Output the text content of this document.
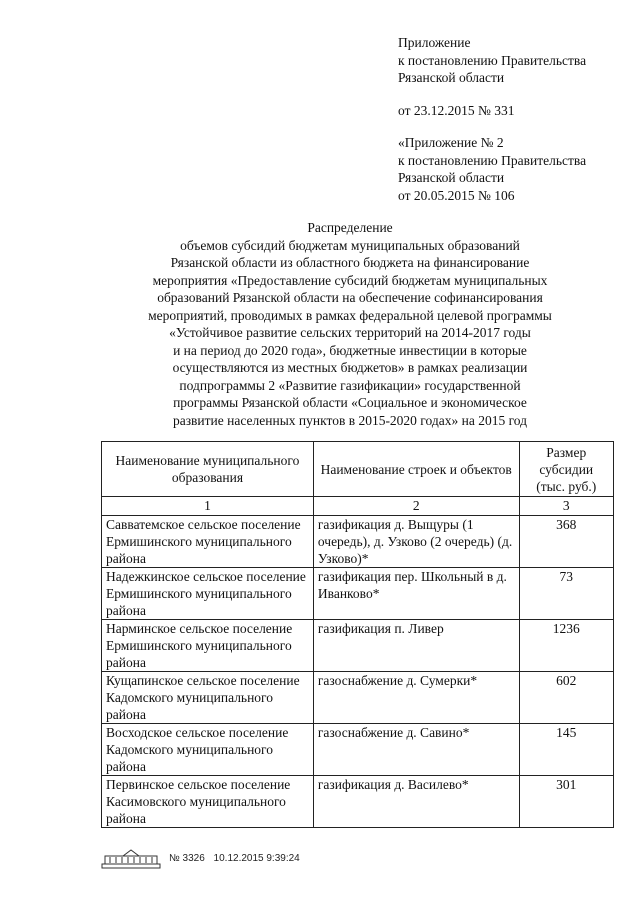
Приложение
к постановлению Правительства
Рязанской области
от 23.12.2015 № 331
«Приложение № 2
к постановлению Правительства
Рязанской области
от 20.05.2015 № 106
Распределение
объемов субсидий бюджетам муниципальных образований
Рязанской области из областного бюджета на финансирование
мероприятия «Предоставление субсидий бюджетам муниципальных
образований Рязанской области на обеспечение софинансирования
мероприятий, проводимых в рамках федеральной целевой программы
«Устойчивое развитие сельских территорий на 2014-2017 годы
и на период до 2020 года», бюджетные инвестиции в которые
осуществляются из местных бюджетов» в рамках реализации
подпрограммы 2 «Развитие газификации» государственной
программы Рязанской области «Социальное и экономическое
развитие населенных пунктов в 2015-2020 годах» на 2015 год
Наименование муниципального образования	Наименование строек и объектов	Размер субсидии (тыс. руб.)
1	2	3
Савватемское сельское поселение Ермишинского муниципального района	газификация д. Выщуры (1 очередь), д. Узково (2 очередь) (д. Узково)*	368
Надежкинское сельское поселение Ермишинского муниципального района	газификация пер. Школьный в д. Иванково*	73
Нарминское сельское поселение Ермишинского муниципального района	газификация п. Ливер	1236
Кущапинское сельское поселение Кадомского муниципального района	газоснабжение д. Сумерки*	602
Восходское сельское поселение Кадомского муниципального района	газоснабжение д. Савино*	145
Первинское сельское поселение Касимовского муниципального района	газификация д. Василево*	301
№ 3326 10.12.2015 9:39:24
